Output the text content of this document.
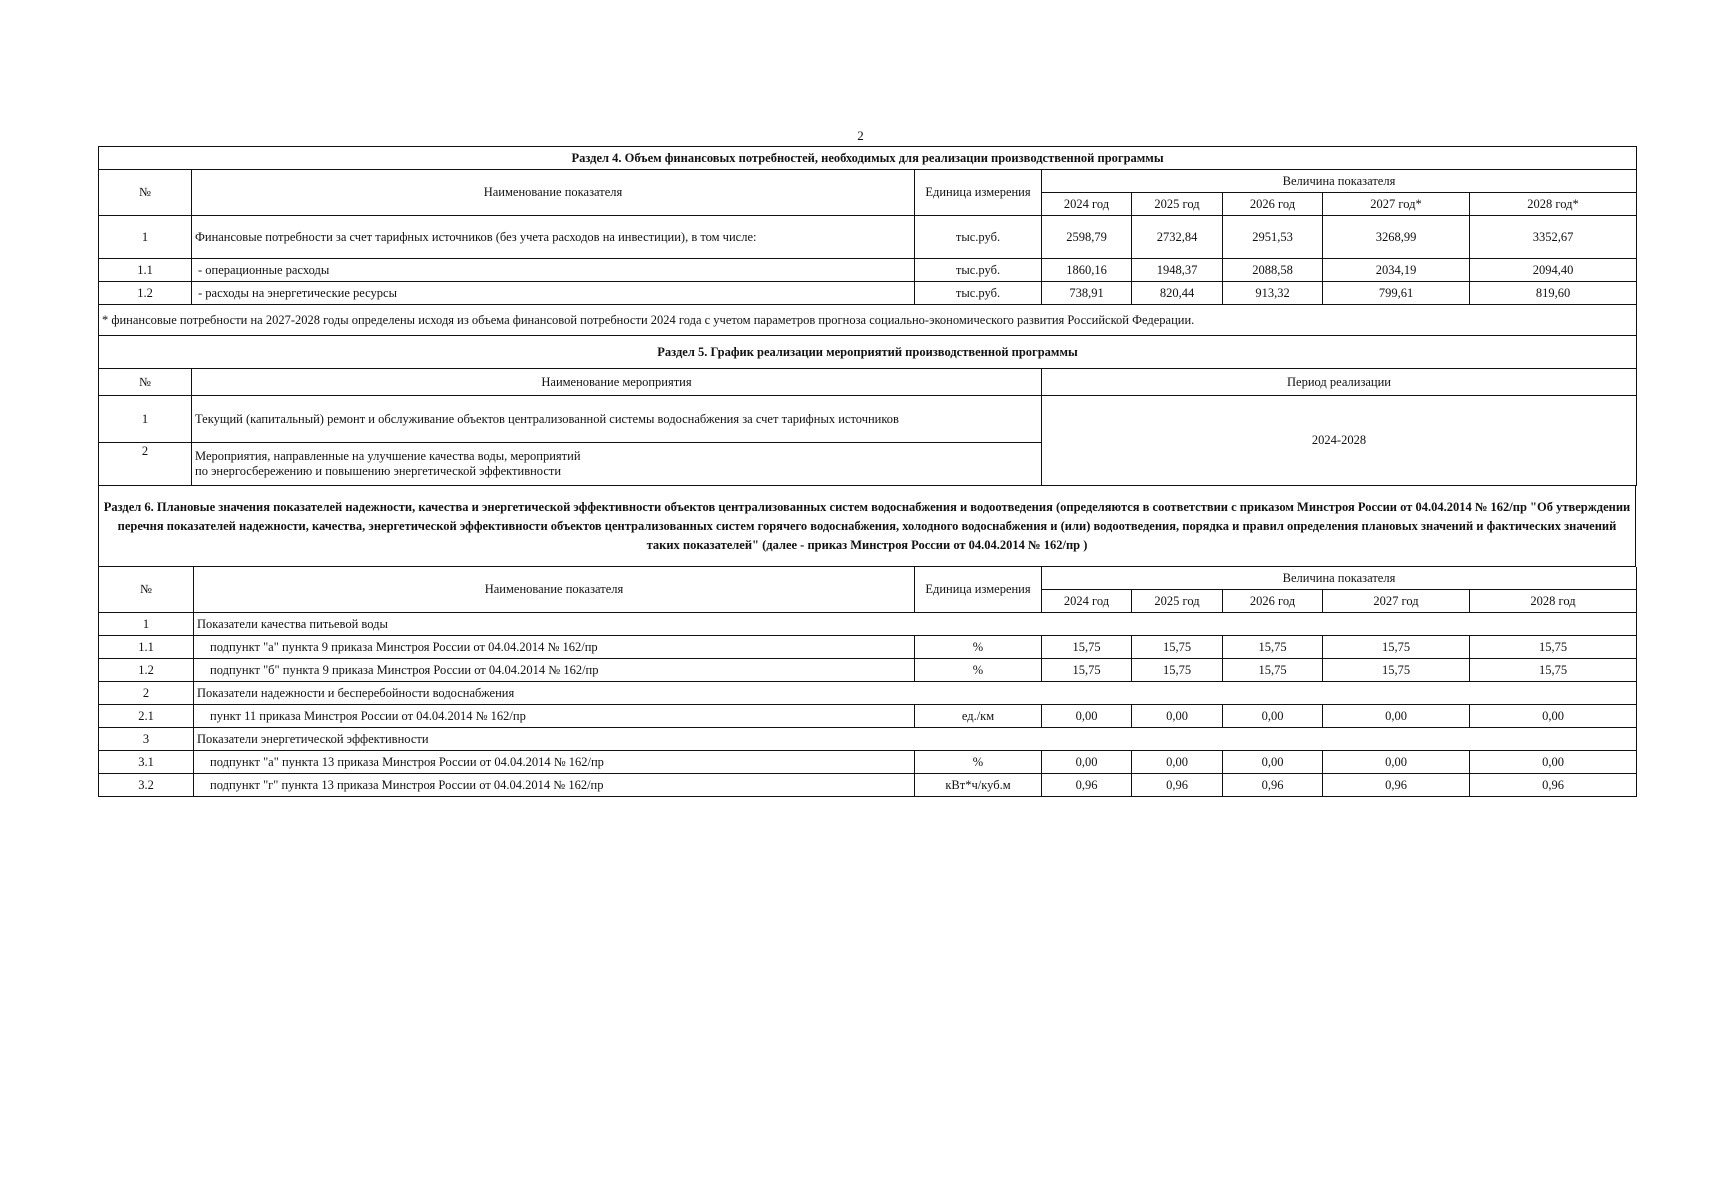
2
Раздел 4. Объем финансовых потребностей, необходимых для реализации производственной программы							
№	Наименование показателя	Единица измерения	Величина показателя				
			2024 год	2025 год	2026 год	2027 год*	2028 год*
1	Финансовые потребности за счет тарифных источников (без учета расходов на инвестиции), в том числе:	тыс.руб.	2598,79	2732,84	2951,53	3268,99	3352,67
1.1	- операционные расходы	тыс.руб.	1860,16	1948,37	2088,58	2034,19	2094,40
1.2	- расходы на энергетические ресурсы	тыс.руб.	738,91	820,44	913,32	799,61	819,60
* финансовые потребности на 2027-2028 годы определены исходя из объема финансовой потребности 2024 года с учетом параметров прогноза социально-экономического развития Российской Федерации.							
Раздел 5. График реализации мероприятий производственной программы		
№	Наименование мероприятия	Период реализации
1	Текущий (капитальный) ремонт и обслуживание объектов централизованной системы водоснабжения за счет тарифных источников	2024-2028
2	Мероприятия, направленные на улучшение качества воды, мероприятий
по энергосбережению и повышению энергетической эффективности	
Раздел 6. Плановые значения показателей надежности, качества и энергетической эффективности объектов централизованных систем водоснабжения и водоотведения (определяются в соответствии с приказом Минстроя России от 04.04.2014 № 162/пр "Об утверждении перечня показателей надежности, качества, энергетической эффективности объектов централизованных систем горячего водоснабжения, холодного водоснабжения и (или) водоотведения, порядка и правил определения плановых значений и фактических значений таких показателей" (далее - приказ Минстроя России от 04.04.2014 № 162/пр )
№	Наименование показателя	Единица измерения	Величина показателя				
			2024 год	2025 год	2026 год	2027 год	2028 год
1	Показатели качества питьевой воды						
1.1	подпункт "а" пункта 9 приказа Минстроя России от 04.04.2014 № 162/пр	%	15,75	15,75	15,75	15,75	15,75
1.2	подпункт "б" пункта 9 приказа Минстроя России от 04.04.2014 № 162/пр	%	15,75	15,75	15,75	15,75	15,75
2	Показатели надежности и бесперебойности водоснабжения						
2.1	пункт 11 приказа Минстроя России от 04.04.2014 № 162/пр	ед./км	0,00	0,00	0,00	0,00	0,00
3	Показатели энергетической эффективности						
3.1	подпункт "а" пункта 13 приказа Минстроя России от 04.04.2014 № 162/пр	%	0,00	0,00	0,00	0,00	0,00
3.2	подпункт "г" пункта 13 приказа Минстроя России от 04.04.2014 № 162/пр	кВт*ч/куб.м	0,96	0,96	0,96	0,96	0,96
